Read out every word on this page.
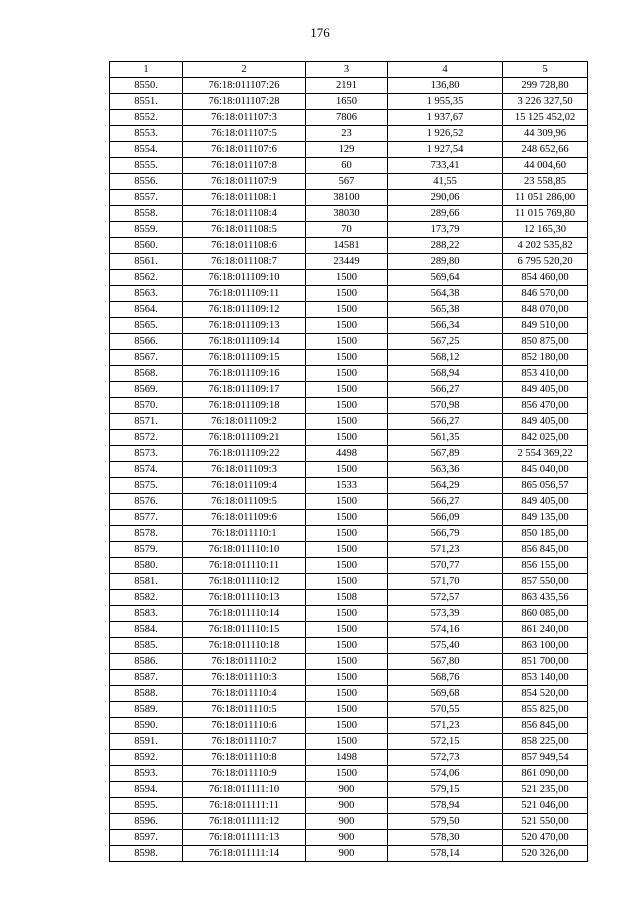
176
1	2	3	4	5
8550.	76:18:011107:26	2191	136,80	299 728,80
8551.	76:18:011107:28	1650	1 955,35	3 226 327,50
8552.	76:18:011107:3	7806	1 937,67	15 125 452,02
8553.	76:18:011107:5	23	1 926,52	44 309,96
8554.	76:18:011107:6	129	1 927,54	248 652,66
8555.	76:18:011107:8	60	733,41	44 004,60
8556.	76:18:011107:9	567	41,55	23 558,85
8557.	76:18:011108:1	38100	290,06	11 051 286,00
8558.	76:18:011108:4	38030	289,66	11 015 769,80
8559.	76:18:011108:5	70	173,79	12 165,30
8560.	76:18:011108:6	14581	288,22	4 202 535,82
8561.	76:18:011108:7	23449	289,80	6 795 520,20
8562.	76:18:011109:10	1500	569,64	854 460,00
8563.	76:18:011109:11	1500	564,38	846 570,00
8564.	76:18:011109:12	1500	565,38	848 070,00
8565.	76:18:011109:13	1500	566,34	849 510,00
8566.	76:18:011109:14	1500	567,25	850 875,00
8567.	76:18:011109:15	1500	568,12	852 180,00
8568.	76:18:011109:16	1500	568,94	853 410,00
8569.	76:18:011109:17	1500	566,27	849 405,00
8570.	76:18:011109:18	1500	570,98	856 470,00
8571.	76:18:011109:2	1500	566,27	849 405,00
8572.	76:18:011109:21	1500	561,35	842 025,00
8573.	76:18:011109:22	4498	567,89	2 554 369,22
8574.	76:18:011109:3	1500	563,36	845 040,00
8575.	76:18:011109:4	1533	564,29	865 056,57
8576.	76:18:011109:5	1500	566,27	849 405,00
8577.	76:18:011109:6	1500	566,09	849 135,00
8578.	76:18:011110:1	1500	566,79	850 185,00
8579.	76:18:011110:10	1500	571,23	856 845,00
8580.	76:18:011110:11	1500	570,77	856 155,00
8581.	76:18:011110:12	1500	571,70	857 550,00
8582.	76:18:011110:13	1508	572,57	863 435,56
8583.	76:18:011110:14	1500	573,39	860 085,00
8584.	76:18:011110:15	1500	574,16	861 240,00
8585.	76:18:011110:18	1500	575,40	863 100,00
8586.	76:18:011110:2	1500	567,80	851 700,00
8587.	76:18:011110:3	1500	568,76	853 140,00
8588.	76:18:011110:4	1500	569,68	854 520,00
8589.	76:18:011110:5	1500	570,55	855 825,00
8590.	76:18:011110:6	1500	571,23	856 845,00
8591.	76:18:011110:7	1500	572,15	858 225,00
8592.	76:18:011110:8	1498	572,73	857 949,54
8593.	76:18:011110:9	1500	574,06	861 090,00
8594.	76:18:011111:10	900	579,15	521 235,00
8595.	76:18:011111:11	900	578,94	521 046,00
8596.	76:18:011111:12	900	579,50	521 550,00
8597.	76:18:011111:13	900	578,30	520 470,00
8598.	76:18:011111:14	900	578,14	520 326,00
